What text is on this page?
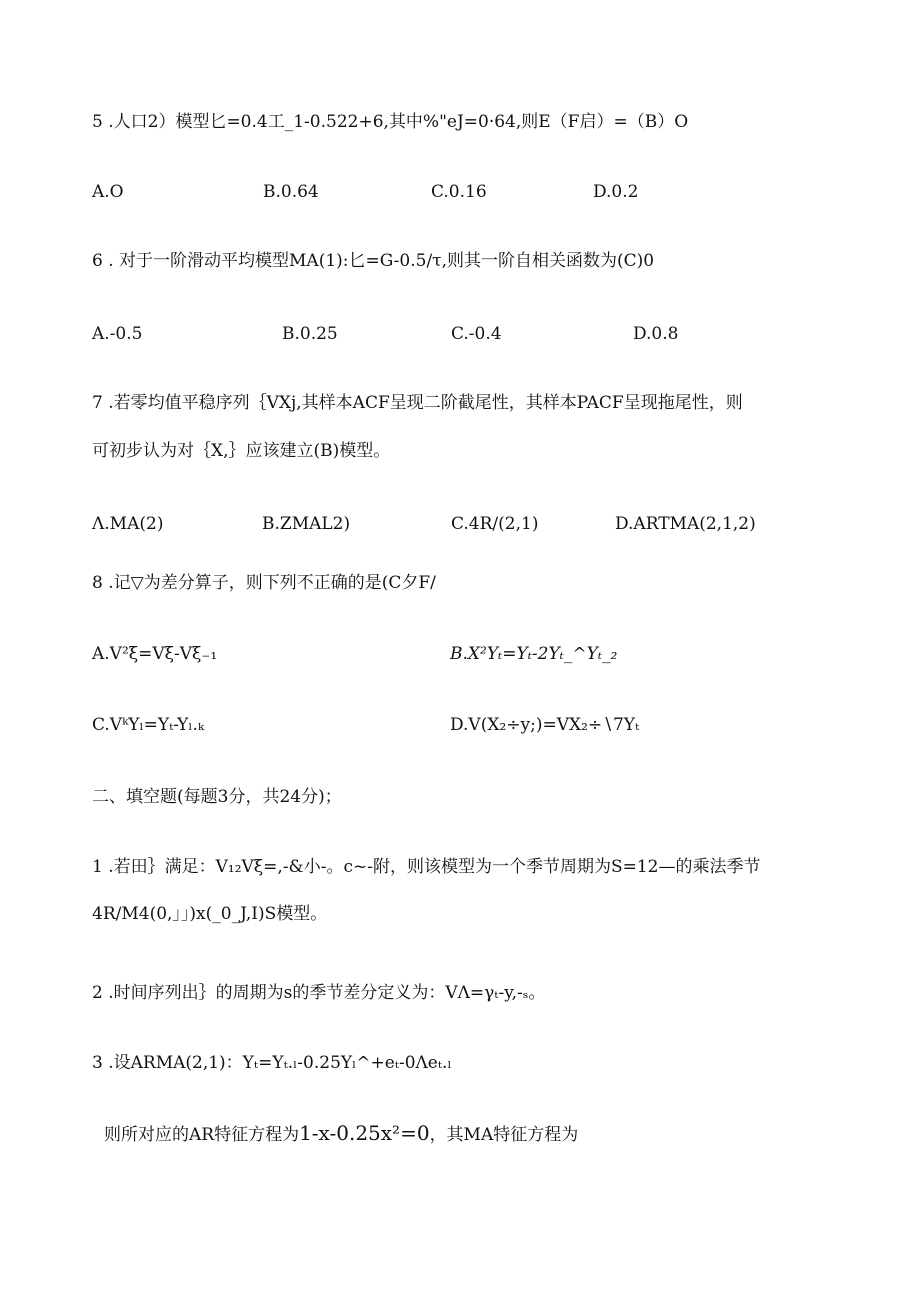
5 .人口2）模型匕=0.4工_1-0.522+6,其中%"eJ=0·64,则E（F启）=（B）O
A.O	B.0.64	C.0.16	D.0.2
6 . 对于一阶滑动平均模型MA(1):匕=G-0.5∕τ,则其一阶自相关函数为(C)0
A.-0.5	B.0.25	C.-0.4	D.0.8
7 .若零均值平稳序列｛VXj,其样本ACF呈现二阶截尾性，其样本PACF呈现拖尾性，则
可初步认为对｛X,｝应该建立(B)模型。
Λ.MA(2)	B.ZMAL2)	C.4R∕(2,1)	D.ARTMA(2,1,2)
8 .记▽为差分算子，则下列不正确的是(C夕F/
A.V²ξ=Vξ-Vξ₋₁	B.X²Yₜ=Yₜ-2Yₜ_^Yₜ_₂
C.VᵏYₗ=Yₜ-Yₗ.ₖ	D.V(X₂÷y;)=VX₂÷∖7Yₜ
二、填空题(每题3分，共24分)；
1 .若田｝满足：V₁₂Vξ=,-&小-。c~-附，则该模型为一个季节周期为S=12—的乘法季节
4R∕M4(0,」」)x(_0_J,I)S模型。
2 .时间序列出｝的周期为s的季节差分定义为：VΛ=γₜ-y,-ₛ。
3 .设ARMA(2,1)：Yₜ=Yₜ.ₗ-0.25Yₗ^+eₜ-0Λeₜ.ₗ
则所对应的AR特征方程为1-x-0.25x²=0，其MA特征方程为
